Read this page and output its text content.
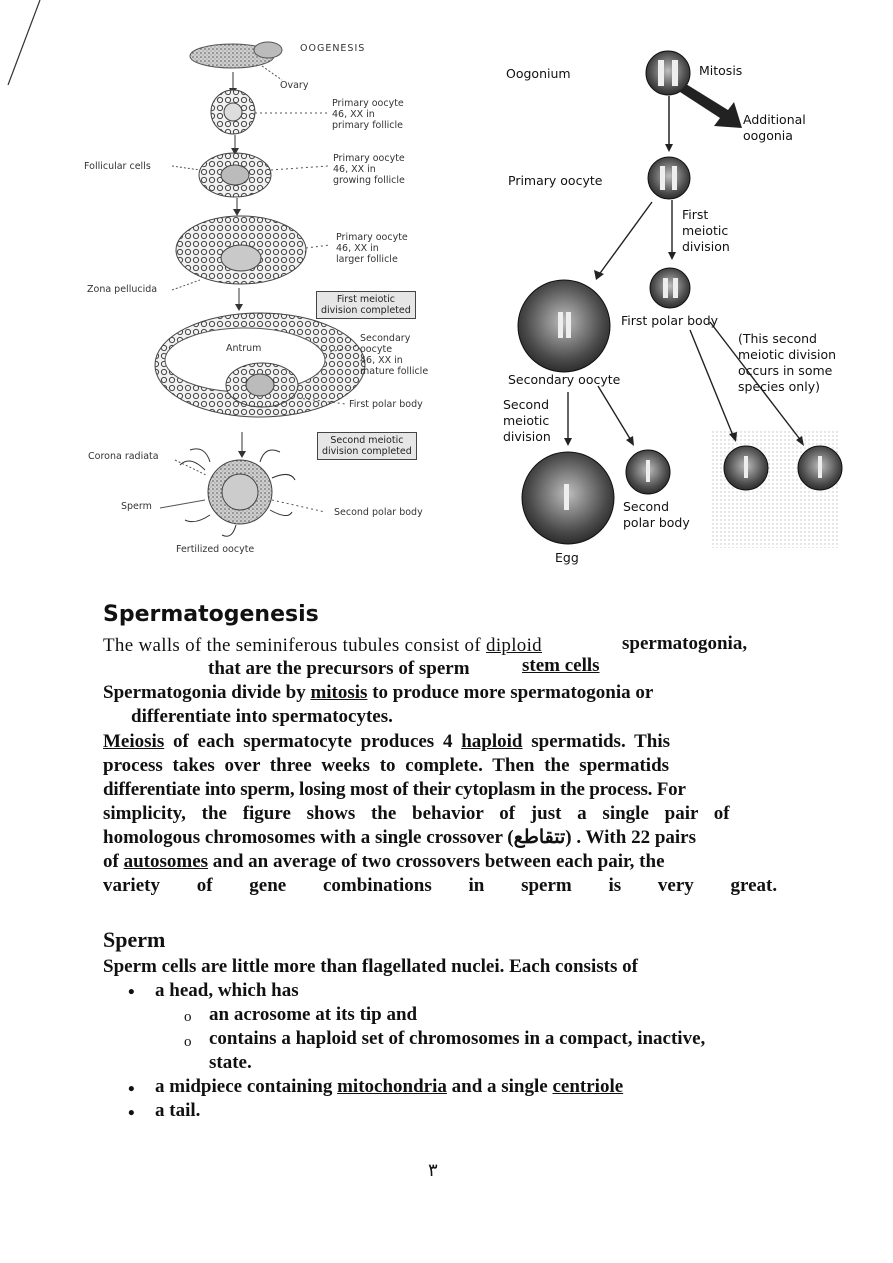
OOGENESIS
Ovary
Primary oocyte
46, XX in
primary follicle
Follicular cells
Primary oocyte
46, XX in
growing follicle
Primary oocyte
46, XX in
larger follicle
Zona pellucida
First meiotic
division completed
Antrum
Secondary
oocyte
46, XX in
mature follicle
First polar body
Second meiotic
division completed
Corona radiata
Sperm
Second polar body
Fertilized oocyte
Oogonium	Mitosis
Additional
oogonia
Primary oocyte
First
meiotic
division
First polar body
(This second
meiotic division
occurs in some
species only)
Secondary oocyte
Second
meiotic
division
Second
polar body
Egg
Spermatogenesis
The walls of the seminiferous tubules consist of diploid	spermatogonia,
that are the precursors of sperm	stem cells
Spermatogonia divide by mitosis to produce more spermatogonia or
differentiate into spermatocytes.
Meiosis of each spermatocyte produces 4 haploid spermatids. This
process takes over three weeks to complete. Then the spermatids
differentiate into sperm, losing most of their cytoplasm in the process. For
simplicity, the figure shows the behavior of just a single pair of
homologous chromosomes with a single crossover (تتقاطع) . With 22 pairs
of autosomes and an average of two crossovers between each pair, the
variety of gene combinations in sperm is very great.
Sperm
Sperm cells are little more than flagellated nuclei. Each consists of
• a head, which has
o an acrosome at its tip and
o contains a haploid set of chromosomes in a compact, inactive,
state.
• a midpiece containing mitochondria and a single centriole
• a tail.
٣
